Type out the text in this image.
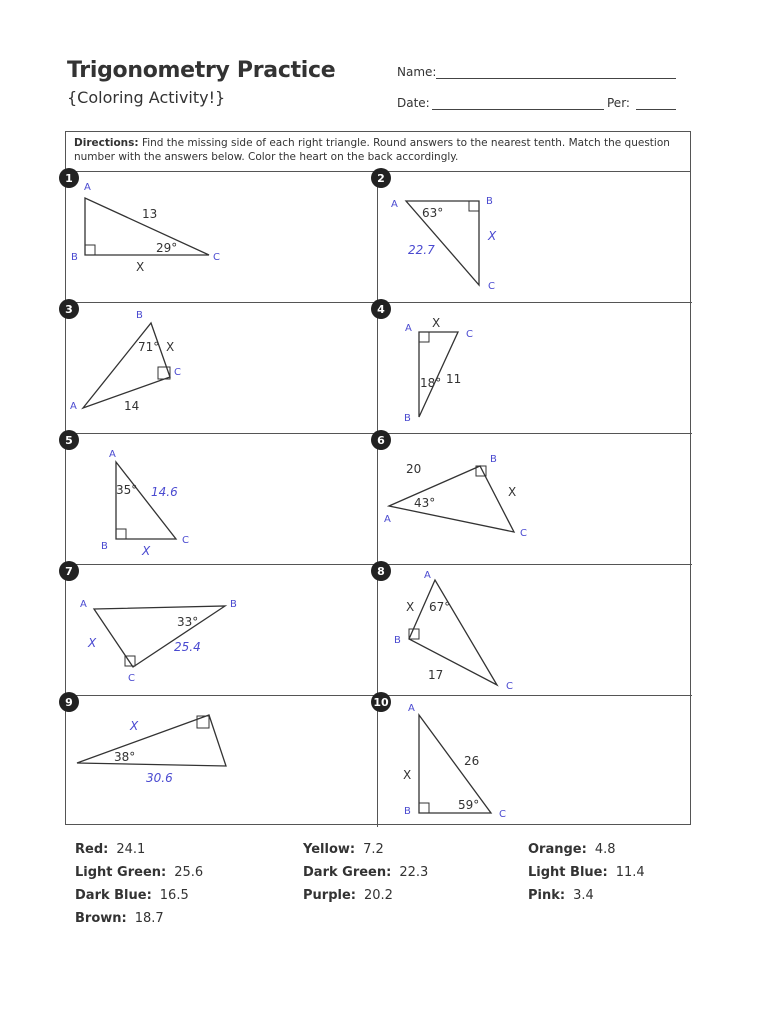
Trigonometry Practice
{Coloring Activity!}
Name:
Date:	Per:
Directions: Find the missing side of each right triangle. Round answers to the nearest tenth. Match the question number with the answers below. Color the heart on the back accordingly.
1
A
B	C
13
29°
X
2
A	B
C
63°
22.7
X
3	B
C
A
71° X
14
4
A
C
B
X
18° 11
5
A
B
C
35° 14.6
X
6
B
A
C
20
43°
X
7
A	B
C
33°
25.4
X
8	A
C
B
X 67°
17
9
X
38°
30.6
10 A
B	C
26
X
59°
Red: 24.1	Yellow: 7.2	Orange: 4.8
Light Green: 25.6	Dark Green: 22.3	Light Blue: 11.4
Dark Blue: 16.5	Purple: 20.2	Pink: 3.4
Brown: 18.7
